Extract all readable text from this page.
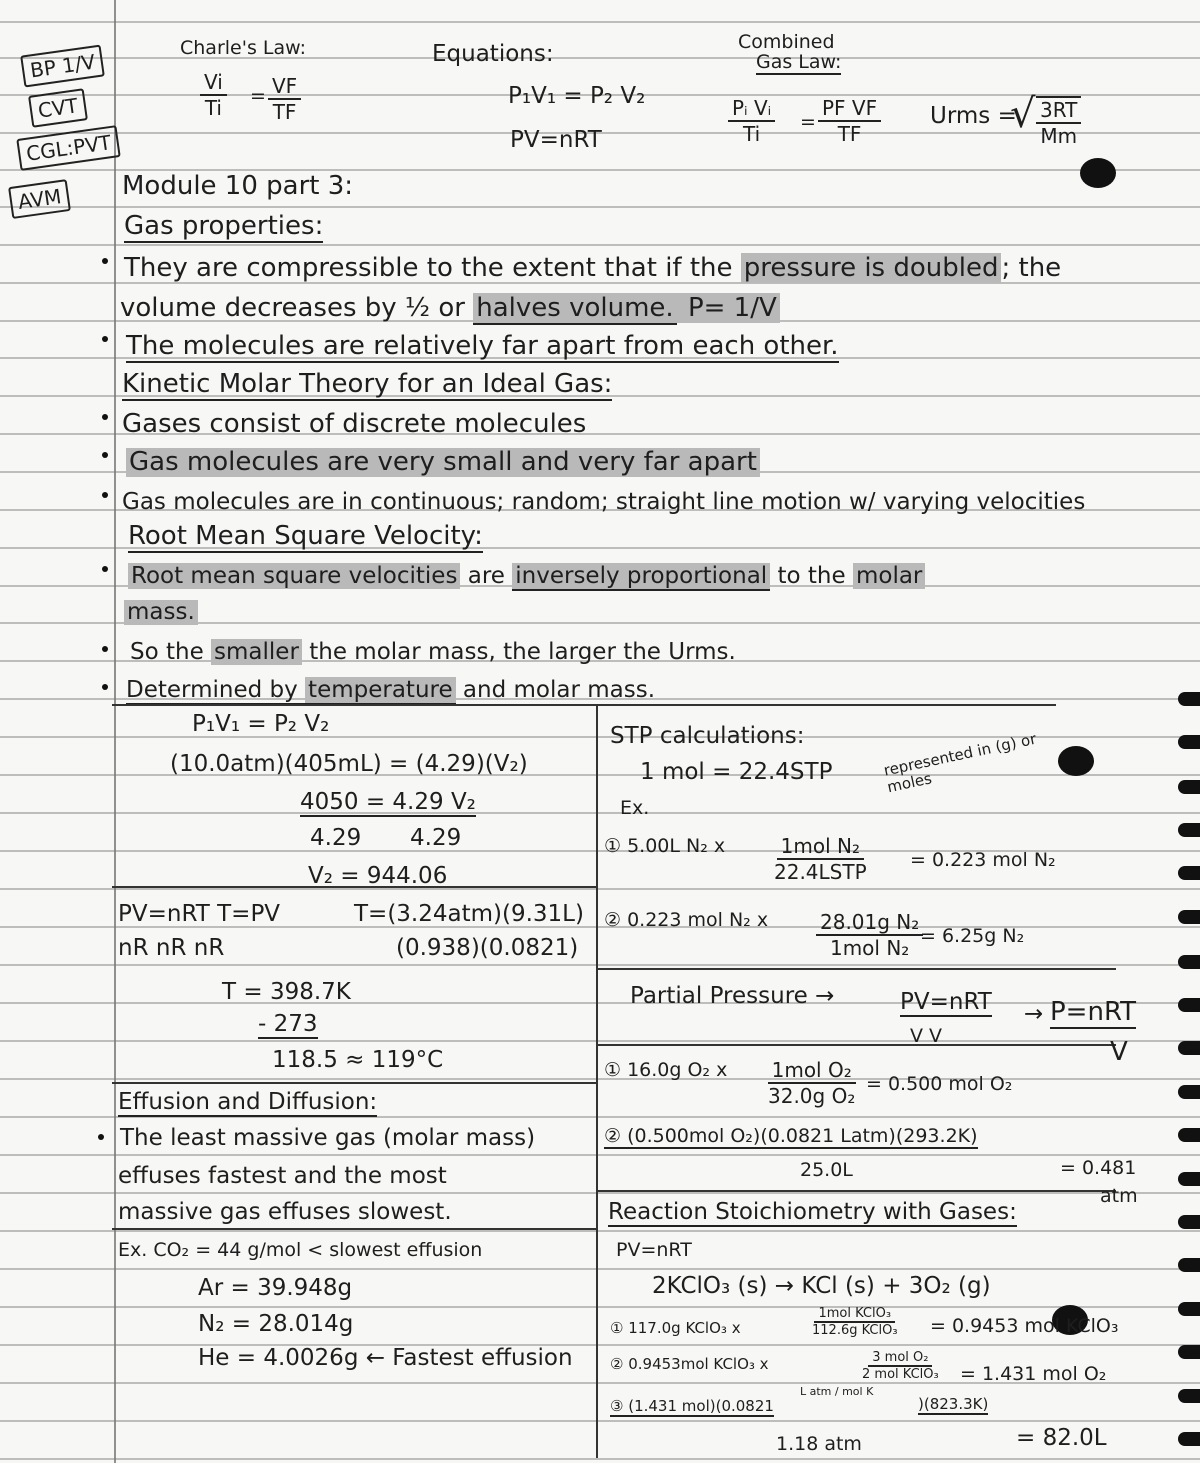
BP 1/V
CVT
CGL:PVT
AVM
Charle's Law:
$\frac{Vi}{Ti} = \frac{VF}{TF}$
Equations:
P₁V₁ = P₂ V₂
PV=nRT
Combined
Gas Law:
$\frac{\text{Pᵢ Vᵢ}}{Ti} = \frac{\text{PF VF}}{TF}$ Urms =
√ $\frac{3RT}{Mm}$
Module 10 part 3:
Gas properties:
They are compressible to the extent that if the pressure is doubled ; the
volume decreases by ½ or halves volume. P= 1/V
The molecules are relatively far apart from each other.
Kinetic Molar Theory for an Ideal Gas:
Gases consist of discrete molecules
Gas molecules are very small and very far apart
Gas molecules are in continuous; random; straight line motion w/ varying velocities
Root Mean Square Velocity:
Root mean square velocities are inversely proportional to the molar
mass.
So the smaller the molar mass, the larger the Urms.
Determined by temperature and molar mass.
P₁V₁ = P₂ V₂
(10.0atm)(405mL) = (4.29)(V₂)
4050 = 4.29 V₂
4.29 4.29
V₂ = 944.06
PV=nRT T=PV	T=(3.24atm)(9.31L)
nR nR nR	(0.938)(0.0821)
T = 398.7K
- 273
118.5 ≈ 119°C
Effusion and Diffusion:
The least massive gas (molar mass)
effuses fastest and the most
massive gas effuses slowest.
Ex. CO₂ = 44 g/mol < slowest effusion
Ar = 39.948g
N₂ = 28.014g
He = 4.0026g ← Fastest effusion
STP calculations:
1 mol = 22.4STP	represented in (g) or moles
Ex.
① 5.00L N₂ x	1mol N₂
22.4LSTP = 0.223 mol N₂
② 0.223 mol N₂ x	28.01g N₂
1mol N₂ = 6.25g N₂
Partial Pressure →	PV=nRT
V V
→ P=nRT
V
① 16.0g O₂ x 1mol O₂
32.0g O₂ = 0.500 mol O₂
② (0.500mol O₂)(0.0821 Latm)(293.2K)
25.0L	= 0.481
atm
Reaction Stoichiometry with Gases:
PV=nRT
2KClO₃ (s) → KCl (s) + 3O₂ (g)
① 117.0g KClO₃ x
1mol KClO₃
112.6g KClO₃ = 0.9453 mol KClO₃
② 0.9453mol KClO₃ x	3 mol O₂
2 mol KClO₃ = 1.431 mol O₂
③ (1.431 mol)(0.0821
L atm / mol K
)(823.3K)
= 82.0L
1.18 atm
